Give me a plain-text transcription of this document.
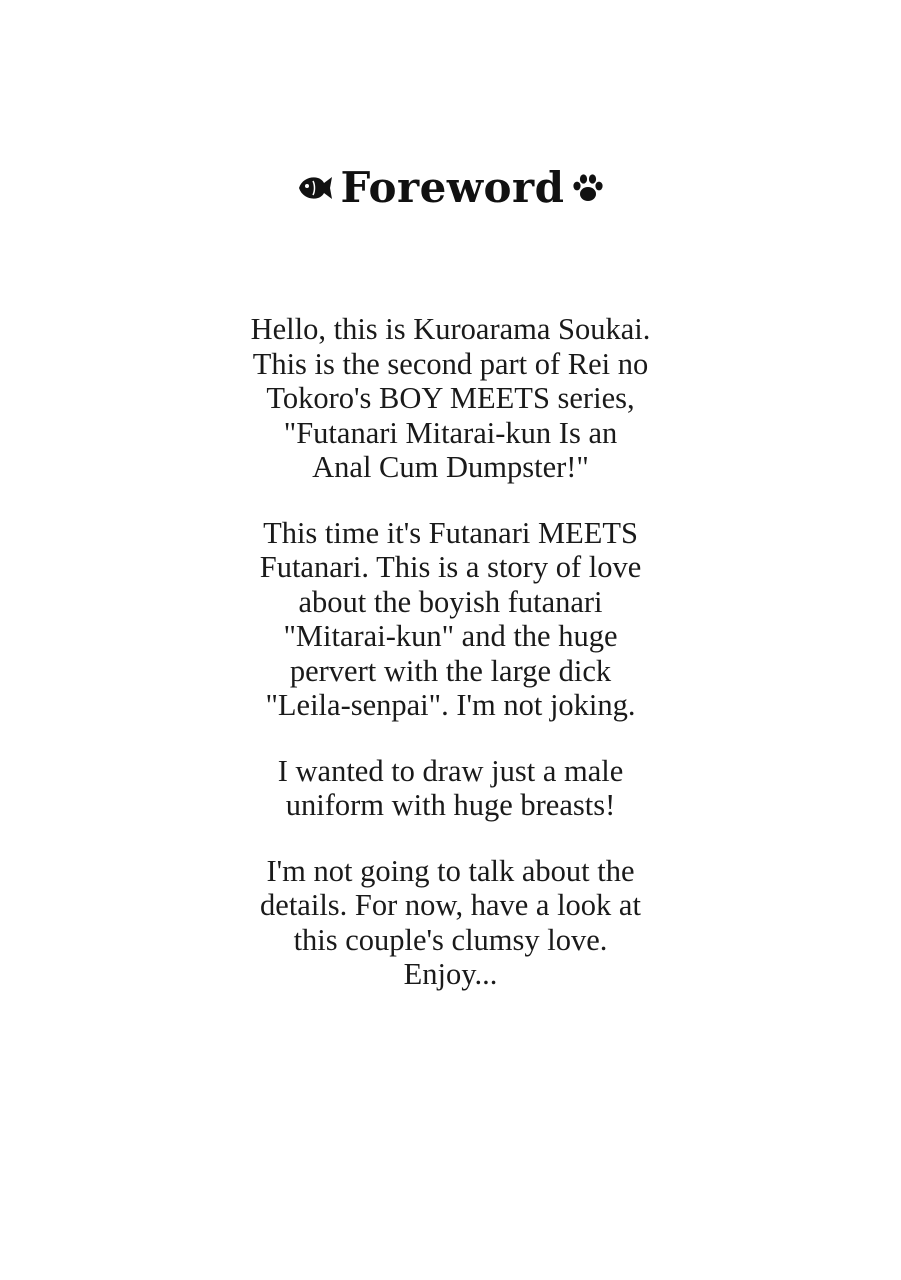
Foreword

Hello, this is Kuroarama Soukai.
This is the second part of Rei no
Tokoro's BOY MEETS series,
"Futanari Mitarai-kun Is an
Anal Cum Dumpster!"

This time it's Futanari MEETS
Futanari. This is a story of love
about the boyish futanari
"Mitarai-kun" and the huge
pervert with the large dick
"Leila-senpai". I'm not joking.

I wanted to draw just a male
uniform with huge breasts!

I'm not going to talk about the
details. For now, have a look at
this couple's clumsy love.
Enjoy...
